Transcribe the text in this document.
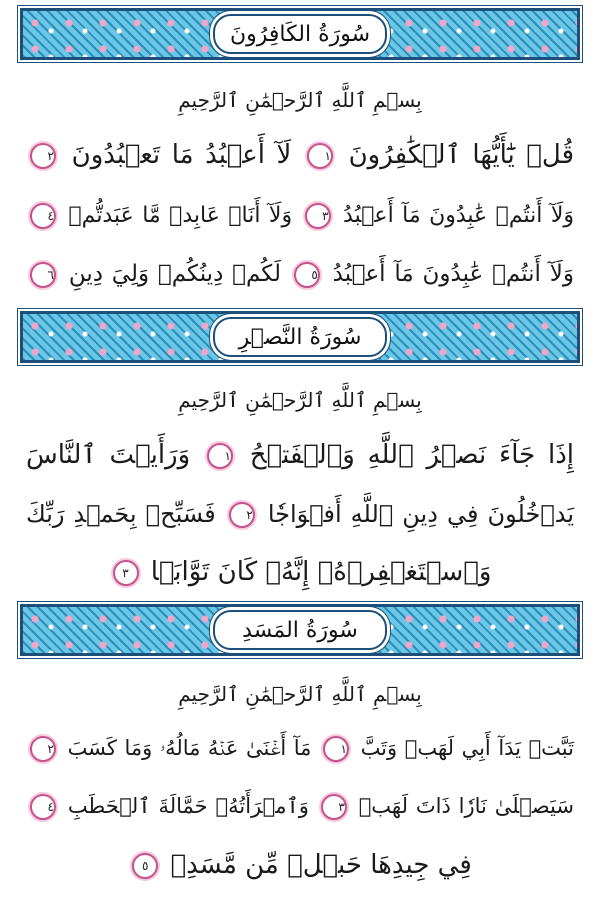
سُورَةُ الكَافِرُونَ
بِسۡمِ ٱللَّهِ ٱلرَّحۡمَٰنِ ٱلرَّحِيمِ
قُلۡ يَٰٓأَيُّهَا ٱلۡكَٰفِرُونَ ١ لَآ أَعۡبُدُ مَا تَعۡبُدُونَ ٢
وَلَآ أَنتُمۡ عَٰبِدُونَ مَآ أَعۡبُدُ ٣ وَلَآ أَنَا۠ عَابِدٞ مَّا عَبَدتُّمۡ ٤
وَلَآ أَنتُمۡ عَٰبِدُونَ مَآ أَعۡبُدُ ٥ لَكُمۡ دِينُكُمۡ وَلِيَ دِينِ ٦
سُورَةُ النَّصۡرِ
بِسۡمِ ٱللَّهِ ٱلرَّحۡمَٰنِ ٱلرَّحِيمِ
إِذَا جَآءَ نَصۡرُ ٱللَّهِ وَٱلۡفَتۡحُ ١ وَرَأَيۡتَ ٱلنَّاسَ
يَدۡخُلُونَ فِي دِينِ ٱللَّهِ أَفۡوَاجٗا ٢ فَسَبِّحۡ بِحَمۡدِ رَبِّكَ
وَٱسۡتَغۡفِرۡهُۚ إِنَّهُۥ كَانَ تَوَّابَۢا ٣
سُورَةُ المَسَدِ
بِسۡمِ ٱللَّهِ ٱلرَّحۡمَٰنِ ٱلرَّحِيمِ
تَبَّتۡ يَدَآ أَبِي لَهَبٖ وَتَبَّ ١ مَآ أَغۡنَىٰ عَنۡهُ مَالُهُۥ وَمَا كَسَبَ ٢
سَيَصۡلَىٰ نَارٗا ذَاتَ لَهَبٖ ٣ وَٱمۡرَأَتُهُۥ حَمَّالَةَ ٱلۡحَطَبِ ٤
فِي جِيدِهَا حَبۡلٞ مِّن مَّسَدِۭ ٥
